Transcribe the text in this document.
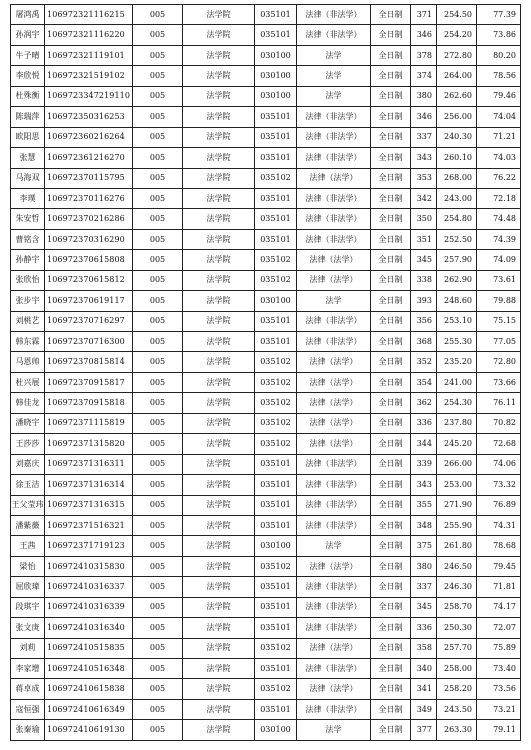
屠鸿禹	106972321116215	005	法学院	035101	法律（非法学）	全日制	371	254.50	77.39
孙润宇	106972321116220	005	法学院	035101	法律（非法学）	全日制	346	254.20	73.86
牛子晴	106972321119101	005	法学院	030100	法学	全日制	378	272.80	80.20
李欣悦	106972321519102	005	法学院	030100	法学	全日制	374	264.00	78.56
杜殊衡	106972334721911​0	005	法学院	030100	法学	全日制	380	262.60	79.46
陈瑞萍	106972350316253	005	法学院	035101	法律（非法学）	全日制	346	256.00	74.04
欧阳思	106972360216264	005	法学院	035101	法律（非法学）	全日制	337	240.30	71.21
张慧	106972361216270	005	法学院	035101	法律（非法学）	全日制	343	260.10	74.03
马海双	106972370115795	005	法学院	035102	法律（法学）	全日制	353	268.00	76.22
李璞	106972370116276	005	法学院	035101	法律（非法学）	全日制	342	243.00	72.18
朱安哲	106972370216286	005	法学院	035101	法律（非法学）	全日制	350	254.80	74.48
曹铭含	106972370316290	005	法学院	035101	法律（非法学）	全日制	351	252.50	74.39
孙静宇	106972370615808	005	法学院	035102	法律（法学）	全日制	345	257.90	74.09
张欣怡	106972370615812	005	法学院	035102	法律（法学）	全日制	338	262.90	73.61
张步宇	106972370619117	005	法学院	030100	法学	全日制	393	248.60	79.88
刘桃艺	106972370716297	005	法学院	035101	法律（非法学）	全日制	356	253.10	75.15
韩东霖	106972370716300	005	法学院	035101	法律（非法学）	全日制	368	255.30	77.05
马恩帅	106972370815814	005	法学院	035102	法律（法学）	全日制	352	235.20	72.80
杜兴展	106972370915817	005	法学院	035102	法律（法学）	全日制	354	241.00	73.66
韩佳龙	106972370915818	005	法学院	035102	法律（法学）	全日制	362	254.30	76.11
潘晓宇	106972371115819	005	法学院	035102	法律（法学）	全日制	336	237.80	70.82
王莎莎	106972371315820	005	法学院	035102	法律（法学）	全日制	344	245.20	72.68
刘嘉庆	106972371316311	005	法学院	035101	法律（非法学）	全日制	339	266.00	74.06
徐玉洁	106972371316314	005	法学院	035101	法律（非法学）	全日制	343	253.00	73.32
王父莹玮	106972371316315	005	法学院	035101	法律（非法学）	全日制	355	271.90	76.89
潘紫薇	106972371516321	005	法学院	035101	法律（非法学）	全日制	348	255.90	74.31
王茜	106972371719123	005	法学院	030100	法学	全日制	375	261.80	78.68
梁怡	106972410315830	005	法学院	035102	法律（法学）	全日制	380	246.50	79.45
屈欣瑋	106972410316337	005	法学院	035101	法律（非法学）	全日制	337	246.30	71.81
段琪宇	106972410316339	005	法学院	035101	法律（非法学）	全日制	345	258.70	74.17
张文庚	106972410316340	005	法学院	035101	法律（非法学）	全日制	336	250.30	72.07
刘莉	106972410515835	005	法学院	035102	法律（法学）	全日制	358	257.70	75.89
李家增	106972410516348	005	法学院	035101	法律（非法学）	全日制	340	258.00	73.40
蒋卓成	106972410615838	005	法学院	035102	法律（法学）	全日制	341	258.20	73.56
寇恒强	106972410616349	005	法学院	035101	法律（非法学）	全日制	349	243.50	73.21
张秦瑜	106972410619130	005	法学院	030100	法学	全日制	377	263.30	79.11
